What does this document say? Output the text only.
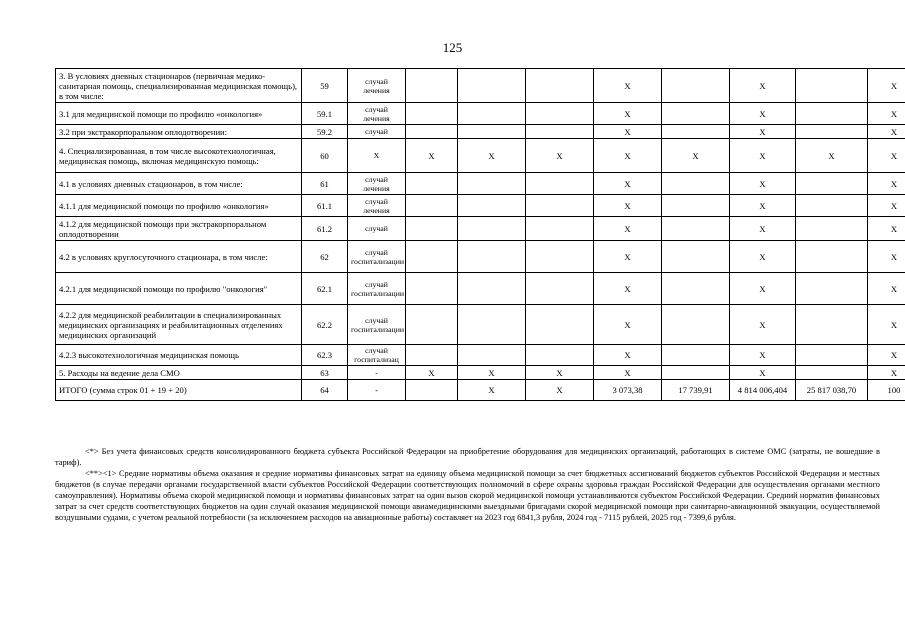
125
3. В условиях дневных стационаров (первичная медико-санитарная помощь, специализированная медицинская помощь), в том числе:	59	случай лечения				X		X		X
3.1 для медицинской помощи по профилю «онкология»	59.1	случай лечения				X		X		X
3.2 при экстракорпоральном оплодотворении:	59.2	случай				X		X		X
4. Специализированная, в том числе высокотехнологичная, медицинская помощь, включая медицинскую помощь:	60	X	X	X	X	X	X	X	X	X
4.1 в условиях дневных стационаров, в том числе:	61	случай лечения				X		X		X
4.1.1 для медицинской помощи по профилю «онкология»	61.1	случай лечения				X		X		X
4.1.2 для медицинской помощи при экстракорпоральном оплодотворении	61.2	случай				X		X		X
4.2 в условиях круглосуточного стационара, в том числе:	62	случай госпитализации				X		X		X
4.2.1 для медицинской помощи по профилю "онкология"	62.1	случай госпитализации				X		X		X
4.2.2 для медицинской реабилитации в специализированных медицинских организациях и реабилитационных отделениях медицинских организаций	62.2	случай госпитализации				X		X		X
4.2.3 высокотехнологичная медицинская помощь	62.3	случай госпитализац				X		X		X
5. Расходы на ведение дела СМО	63	-	X	X	X	X		X		X
ИТОГО (сумма строк 01 + 19 + 20)	64	-		X	X	3 073,38	17 739,91	4 814 006,404	25 817 038,70	100

<*> Без учета финансовых средств консолидированного бюджета субъекта Российской Федерации на приобретение оборудования для медицинских организаций, работающих в системе ОМС (затраты, не вошедшие в тариф).

<**><1> Средние нормативы объема оказания и средние нормативы финансовых затрат на единицу объема медицинской помощи за счет бюджетных ассигнований бюджетов субъектов Российской Федерации и местных бюджетов (в случае передачи органами государственной власти субъектов Российской Федерации соответствующих полномочий в сфере охраны здоровья граждан Российской Федерации для осуществления органами местного самоуправления). Нормативы объема скорой медицинской помощи и нормативы финансовых затрат на один вызов скорой медицинской помощи устанавливаются субъектом Российской Федерации. Средний норматив финансовых затрат за счет средств соответствующих бюджетов на один случай оказания медицинской помощи авиамедицинскими выездными бригадами скорой медицинской помощи при санитарно-авиационной эвакуации, осуществляемой воздушными судами, с учетом реальной потребности (за исключением расходов на авиационные работы) составляет на 2023 год 6841,3 рубля, 2024 год - 7115 рублей, 2025 год - 7399,6 рубля.
